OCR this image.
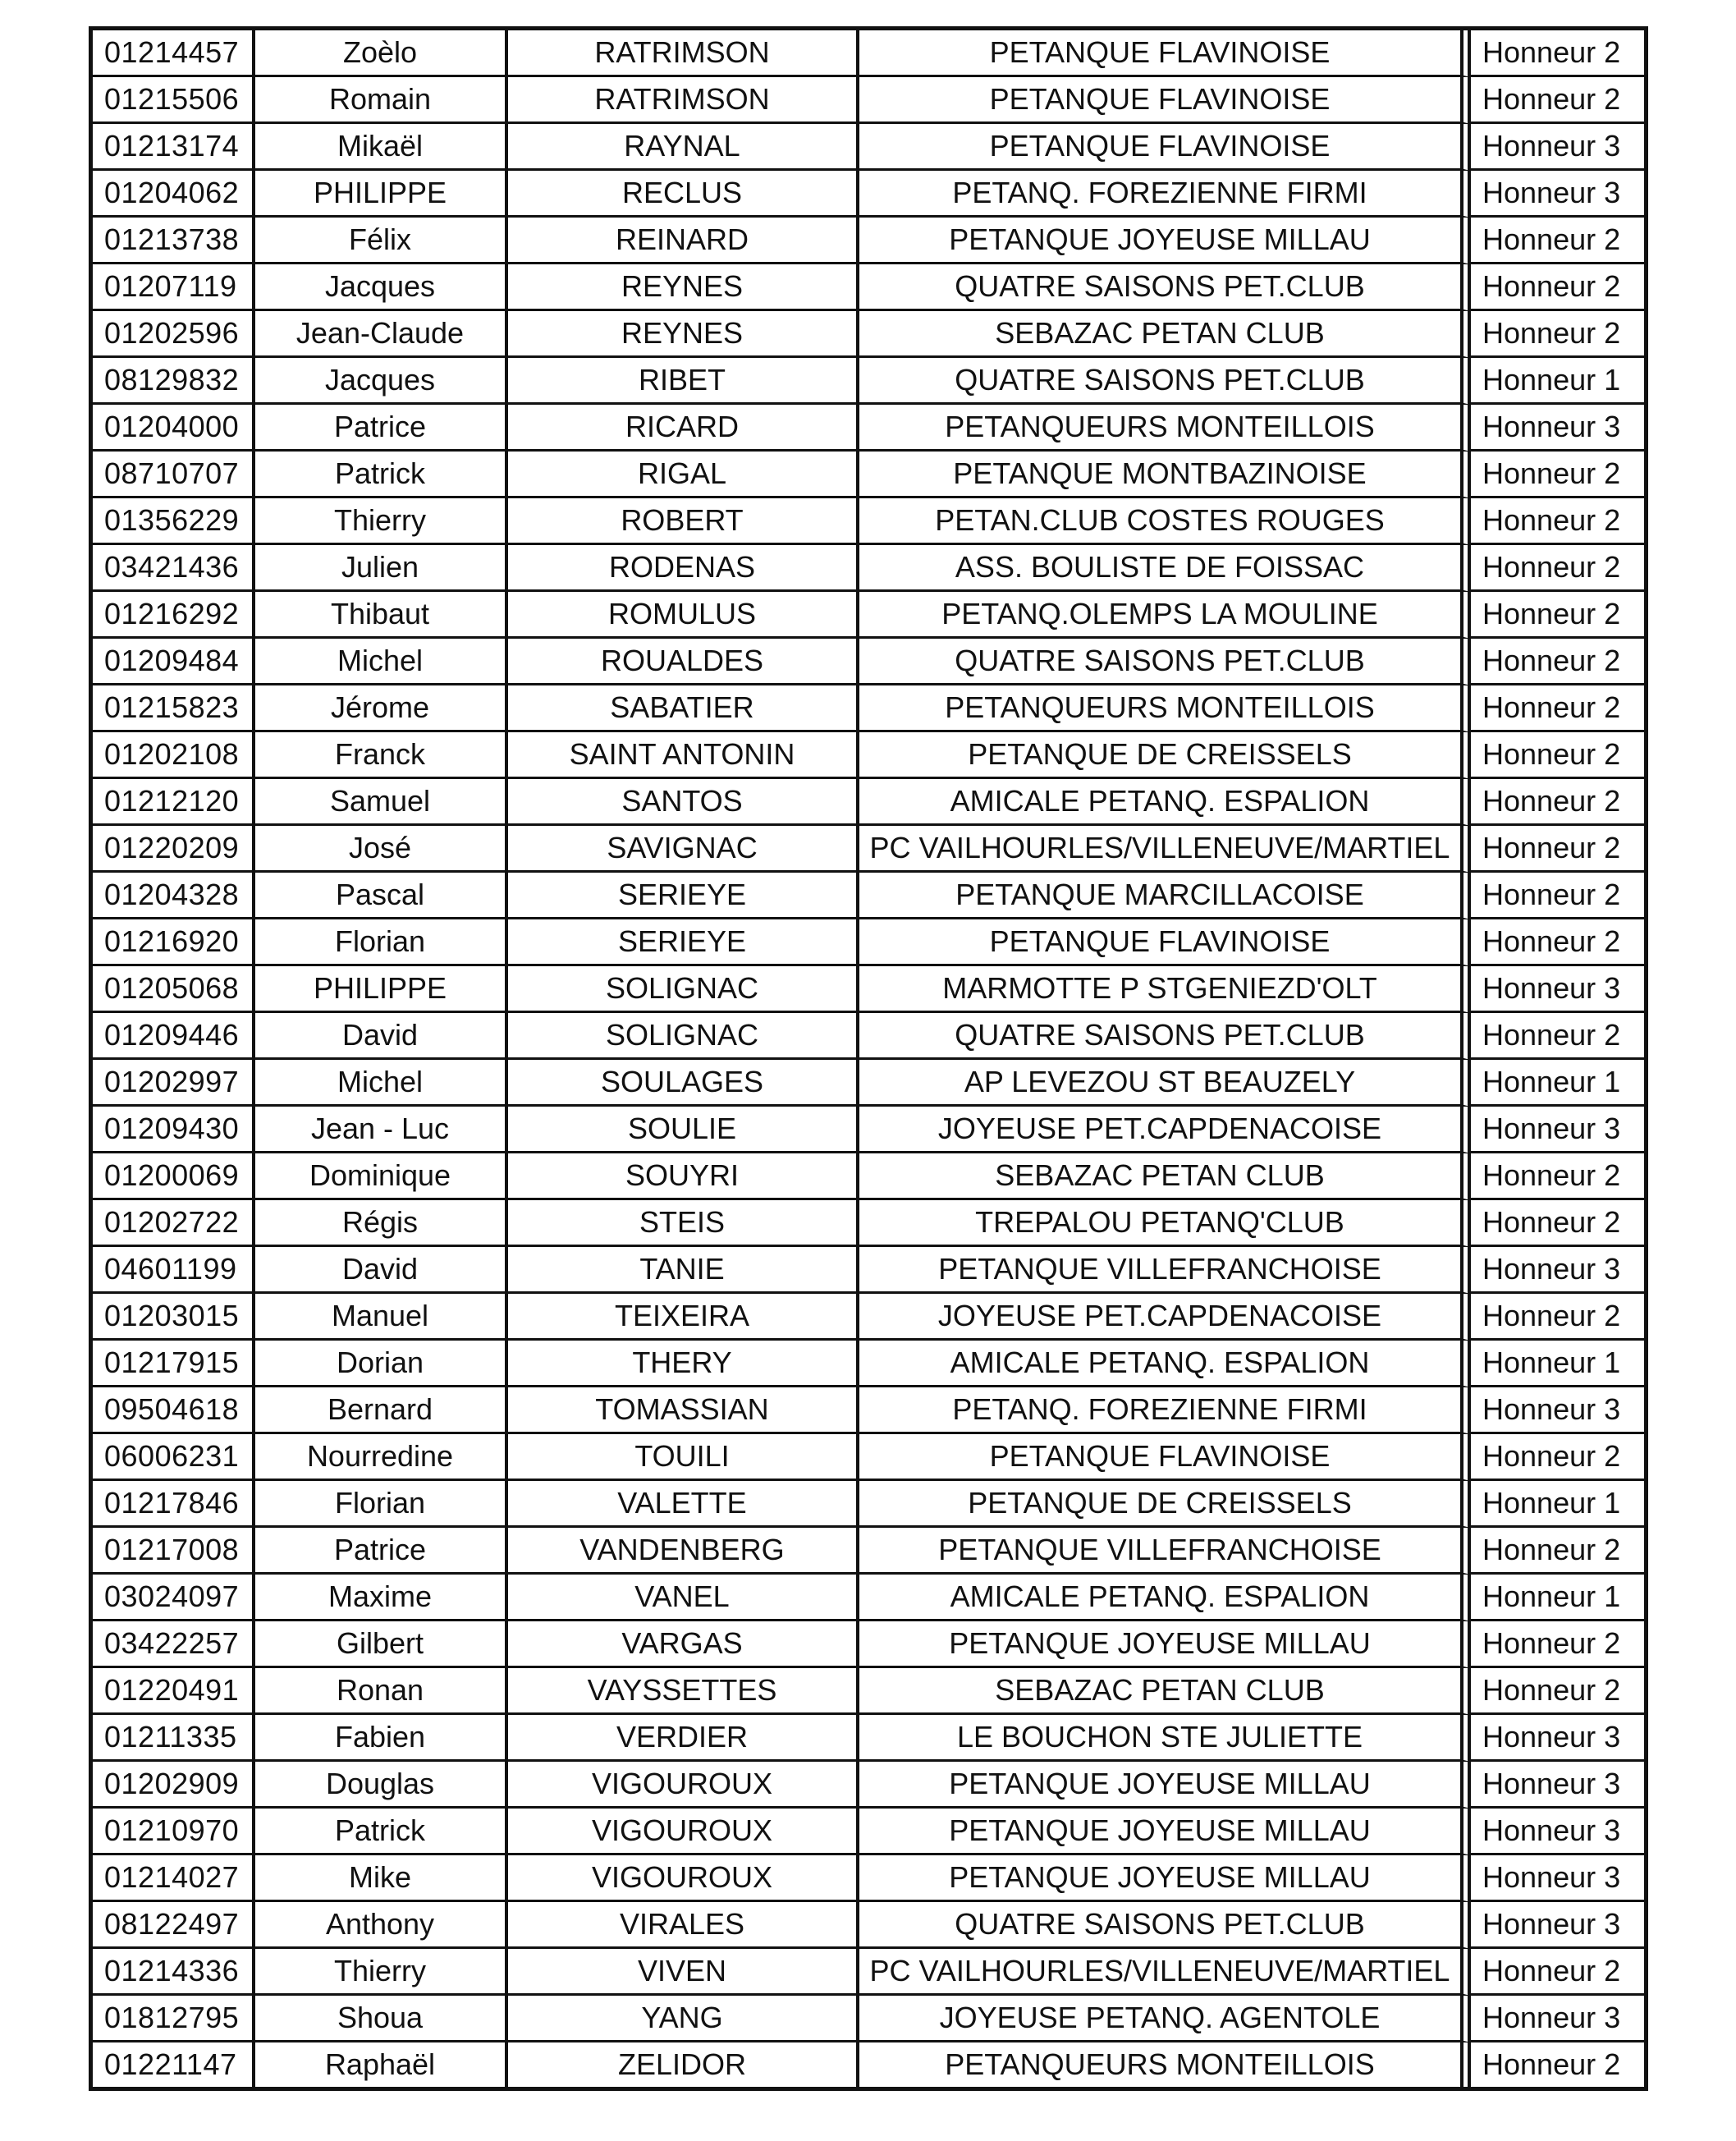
01214457	Zoèlo	RATRIMSON	PETANQUE FLAVINOISE	Honneur 2
01215506	Romain	RATRIMSON	PETANQUE FLAVINOISE	Honneur 2
01213174	Mikaël	RAYNAL	PETANQUE FLAVINOISE	Honneur 3
01204062	PHILIPPE	RECLUS	PETANQ. FOREZIENNE FIRMI	Honneur 3
01213738	Félix	REINARD	PETANQUE JOYEUSE MILLAU	Honneur 2
01207119	Jacques	REYNES	QUATRE SAISONS PET.CLUB	Honneur 2
01202596	Jean-Claude	REYNES	SEBAZAC PETAN CLUB	Honneur 2
08129832	Jacques	RIBET	QUATRE SAISONS PET.CLUB	Honneur 1
01204000	Patrice	RICARD	PETANQUEURS MONTEILLOIS	Honneur 3
08710707	Patrick	RIGAL	PETANQUE MONTBAZINOISE	Honneur 2
01356229	Thierry	ROBERT	PETAN.CLUB COSTES ROUGES	Honneur 2
03421436	Julien	RODENAS	ASS. BOULISTE DE FOISSAC	Honneur 2
01216292	Thibaut	ROMULUS	PETANQ.OLEMPS LA MOULINE	Honneur 2
01209484	Michel	ROUALDES	QUATRE SAISONS PET.CLUB	Honneur 2
01215823	Jérome	SABATIER	PETANQUEURS MONTEILLOIS	Honneur 2
01202108	Franck	SAINT ANTONIN	PETANQUE DE CREISSELS	Honneur 2
01212120	Samuel	SANTOS	AMICALE PETANQ. ESPALION	Honneur 2
01220209	José	SAVIGNAC	PC VAILHOURLES/VILLENEUVE/MARTIEL	Honneur 2
01204328	Pascal	SERIEYE	PETANQUE MARCILLACOISE	Honneur 2
01216920	Florian	SERIEYE	PETANQUE FLAVINOISE	Honneur 2
01205068	PHILIPPE	SOLIGNAC	MARMOTTE P STGENIEZD'OLT	Honneur 3
01209446	David	SOLIGNAC	QUATRE SAISONS PET.CLUB	Honneur 2
01202997	Michel	SOULAGES	AP LEVEZOU ST BEAUZELY	Honneur 1
01209430	Jean - Luc	SOULIE	JOYEUSE PET.CAPDENACOISE	Honneur 3
01200069	Dominique	SOUYRI	SEBAZAC PETAN CLUB	Honneur 2
01202722	Régis	STEIS	TREPALOU PETANQ'CLUB	Honneur 2
04601199	David	TANIE	PETANQUE VILLEFRANCHOISE	Honneur 3
01203015	Manuel	TEIXEIRA	JOYEUSE PET.CAPDENACOISE	Honneur 2
01217915	Dorian	THERY	AMICALE PETANQ. ESPALION	Honneur 1
09504618	Bernard	TOMASSIAN	PETANQ. FOREZIENNE FIRMI	Honneur 3
06006231	Nourredine	TOUILI	PETANQUE FLAVINOISE	Honneur 2
01217846	Florian	VALETTE	PETANQUE DE CREISSELS	Honneur 1
01217008	Patrice	VANDENBERG	PETANQUE VILLEFRANCHOISE	Honneur 2
03024097	Maxime	VANEL	AMICALE PETANQ. ESPALION	Honneur 1
03422257	Gilbert	VARGAS	PETANQUE JOYEUSE MILLAU	Honneur 2
01220491	Ronan	VAYSSETTES	SEBAZAC PETAN CLUB	Honneur 2
01211335	Fabien	VERDIER	LE BOUCHON STE JULIETTE	Honneur 3
01202909	Douglas	VIGOUROUX	PETANQUE JOYEUSE MILLAU	Honneur 3
01210970	Patrick	VIGOUROUX	PETANQUE JOYEUSE MILLAU	Honneur 3
01214027	Mike	VIGOUROUX	PETANQUE JOYEUSE MILLAU	Honneur 3
08122497	Anthony	VIRALES	QUATRE SAISONS PET.CLUB	Honneur 3
01214336	Thierry	VIVEN	PC VAILHOURLES/VILLENEUVE/MARTIEL	Honneur 2
01812795	Shoua	YANG	JOYEUSE PETANQ. AGENTOLE	Honneur 3
01221147	Raphaël	ZELIDOR	PETANQUEURS MONTEILLOIS	Honneur 2
